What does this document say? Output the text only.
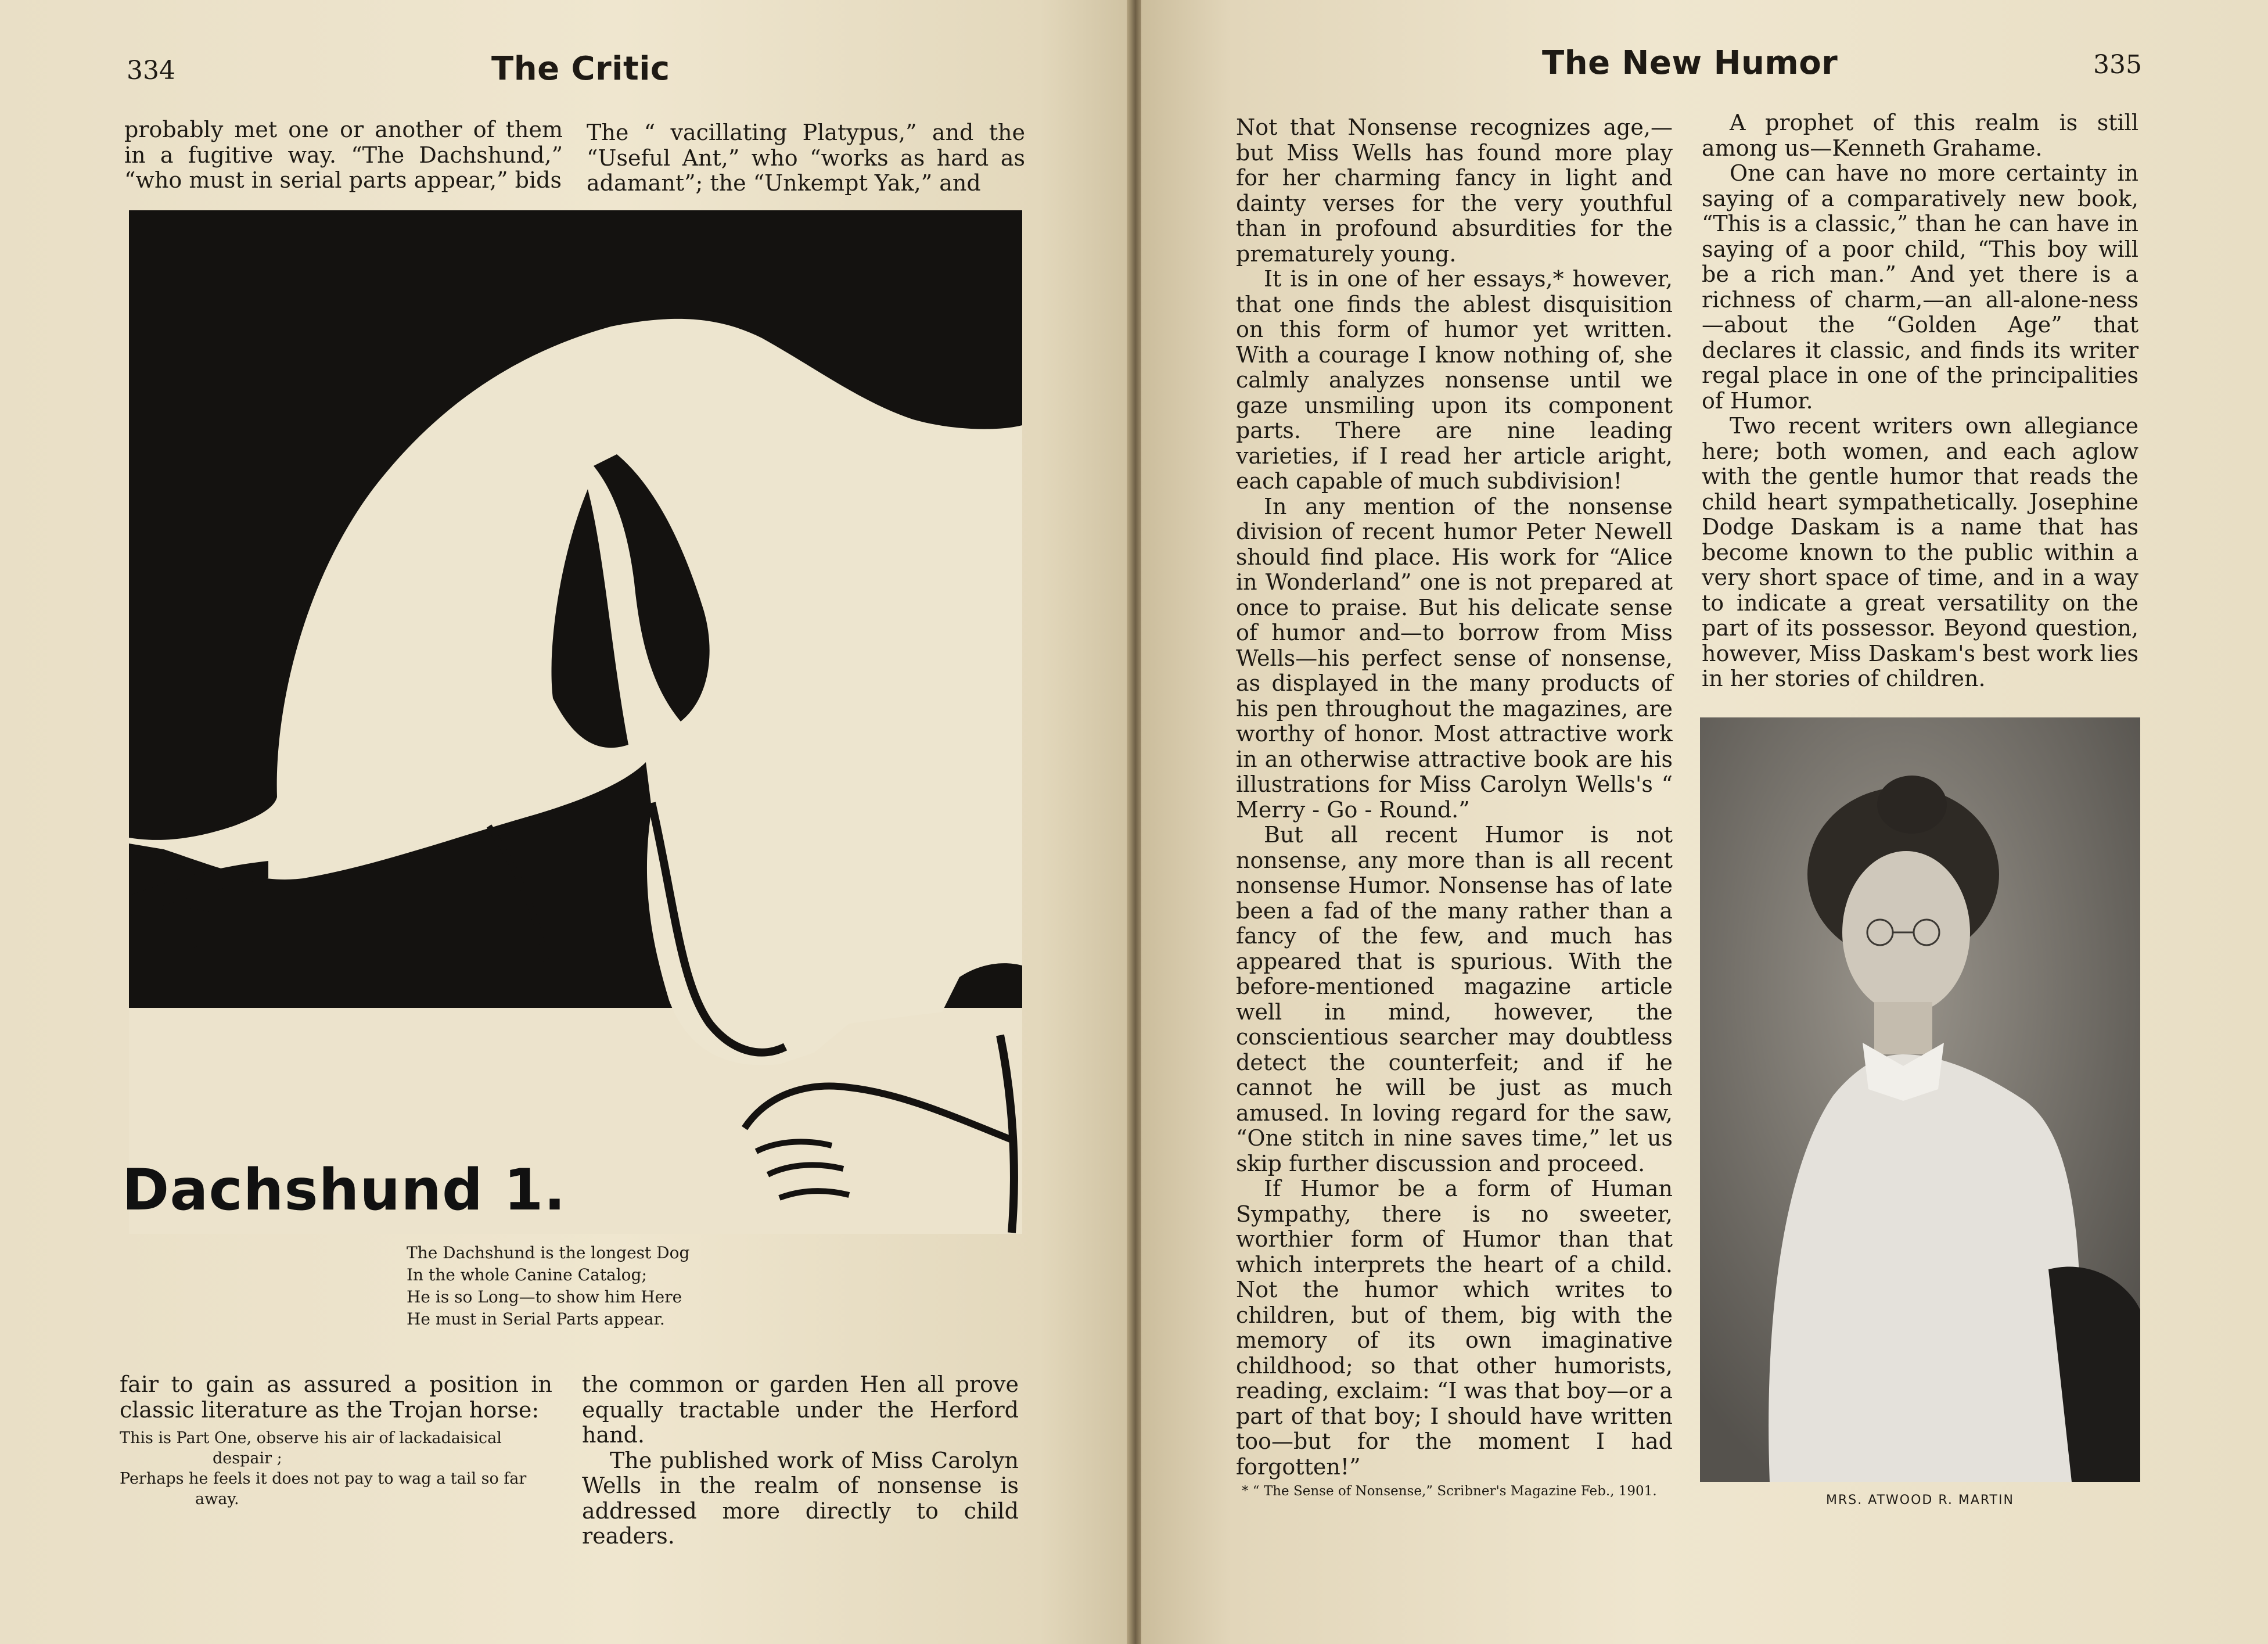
334	The Critic
probably met one or another of them in a fugitive way. “The Dachshund,” “who must in serial parts appear,” bids
The “ vacillating Platypus,” and the “Useful Ant,” who “works as hard as adamant”; the “Unkempt Yak,” and
Dachshund 1.
The Dachshund is the longest Dog
In the whole Canine Catalog;
He is so Long—to show him Here
He must in Serial Parts appear.
fair to gain as assured a position in classic literature as the Trojan horse:
This is Part One, observe his air of lackadaisical
despair ;
Perhaps he feels it does not pay to wag a tail so far
away.

the common or garden Hen all prove equally tractable under the Herford hand.

The published work of Miss Carolyn Wells in the realm of nonsense is addressed more directly to child readers.

The New Humor	335

Not that Nonsense recognizes age,—but Miss Wells has found more play for her charming fancy in light and dainty verses for the very youthful than in profound absurdities for the prematurely young.

It is in one of her essays,* however, that one finds the ablest disquisition on this form of humor yet written. With a courage I know nothing of, she calmly analyzes nonsense until we gaze unsmiling upon its component parts. There are nine leading varieties, if I read her article aright, each capable of much subdivision!

In any mention of the nonsense division of recent humor Peter Newell should find place. His work for “Alice in Wonderland” one is not prepared at once to praise. But his delicate sense of humor and—to borrow from Miss Wells—his perfect sense of nonsense, as displayed in the many products of his pen throughout the magazines, are worthy of honor. Most attractive work in an otherwise attractive book are his illustrations for Miss Carolyn Wells's “ Merry - Go - Round.”

But all recent Humor is not nonsense, any more than is all recent nonsense Humor. Nonsense has of late been a fad of the many rather than a fancy of the few, and much has appeared that is spurious. With the before-mentioned magazine article well in mind, however, the conscientious searcher may doubtless detect the counterfeit; and if he cannot he will be just as much amused. In loving regard for the saw, “One stitch in nine saves time,” let us skip further discussion and proceed.

If Humor be a form of Human Sympathy, there is no sweeter, worthier form of Humor than that which interprets the heart of a child. Not the humor which writes to children, but of them, big with the memory of its own imaginative childhood; so that other humorists, reading, exclaim: “I was that boy—or a part of that boy; I should have written too—but for the moment I had forgotten!”

* “ The Sense of Nonsense,” Scribner's Magazine Feb., 1901.

A prophet of this realm is still among us—Kenneth Grahame.

One can have no more certainty in saying of a comparatively new book, “This is a classic,” than he can have in saying of a poor child, “This boy will be a rich man.” And yet there is a richness of charm,—an all-alone-ness—about the “Golden Age” that declares it classic, and finds its writer regal place in one of the principalities of Humor.

Two recent writers own allegiance here; both women, and each aglow with the gentle humor that reads the child heart sympathetically. Josephine Dodge Daskam is a name that has become known to the public within a very short space of time, and in a way to indicate a great versatility on the part of its possessor. Beyond question, however, Miss Daskam's best work lies in her stories of children.

MRS. ATWOOD R. MARTIN
